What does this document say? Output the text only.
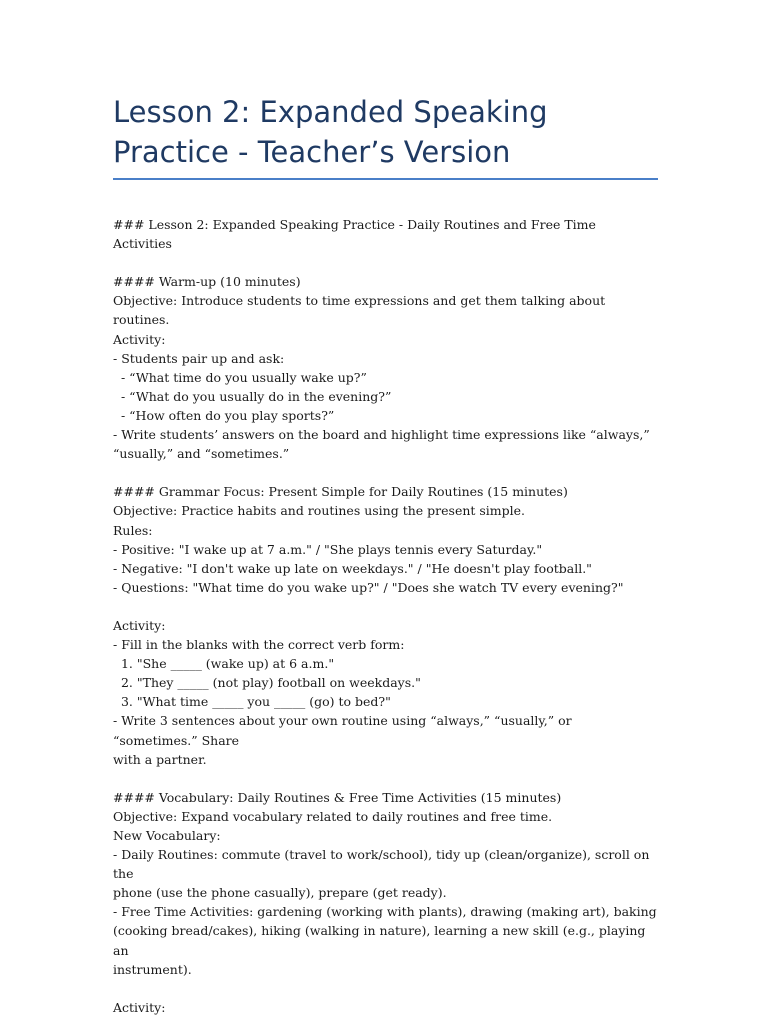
Lesson 2: Expanded Speaking Practice - Teacher’s Version
### Lesson 2: Expanded Speaking Practice - Daily Routines and Free Time Activities
#### Warm-up (10 minutes)
Objective: Introduce students to time expressions and get them talking about routines.
Activity:
- Students pair up and ask:
- “What time do you usually wake up?”
- “What do you usually do in the evening?”
- “How often do you play sports?”
- Write students’ answers on the board and highlight time expressions like “always,”
“usually,” and “sometimes.”
#### Grammar Focus: Present Simple for Daily Routines (15 minutes)
Objective: Practice habits and routines using the present simple.
Rules:
- Positive: "I wake up at 7 a.m." / "She plays tennis every Saturday."
- Negative: "I don't wake up late on weekdays." / "He doesn't play football."
- Questions: "What time do you wake up?" / "Does she watch TV every evening?"
Activity:
- Fill in the blanks with the correct verb form:
1. "She _____ (wake up) at 6 a.m."
2. "They _____ (not play) football on weekdays."
3. "What time _____ you _____ (go) to bed?"
- Write 3 sentences about your own routine using “always,” “usually,” or “sometimes.” Share
with a partner.
#### Vocabulary: Daily Routines & Free Time Activities (15 minutes)
Objective: Expand vocabulary related to daily routines and free time.
New Vocabulary:
- Daily Routines: commute (travel to work/school), tidy up (clean/organize), scroll on the
phone (use the phone casually), prepare (get ready).
- Free Time Activities: gardening (working with plants), drawing (making art), baking
(cooking bread/cakes), hiking (walking in nature), learning a new skill (e.g., playing an
instrument).
Activity:
